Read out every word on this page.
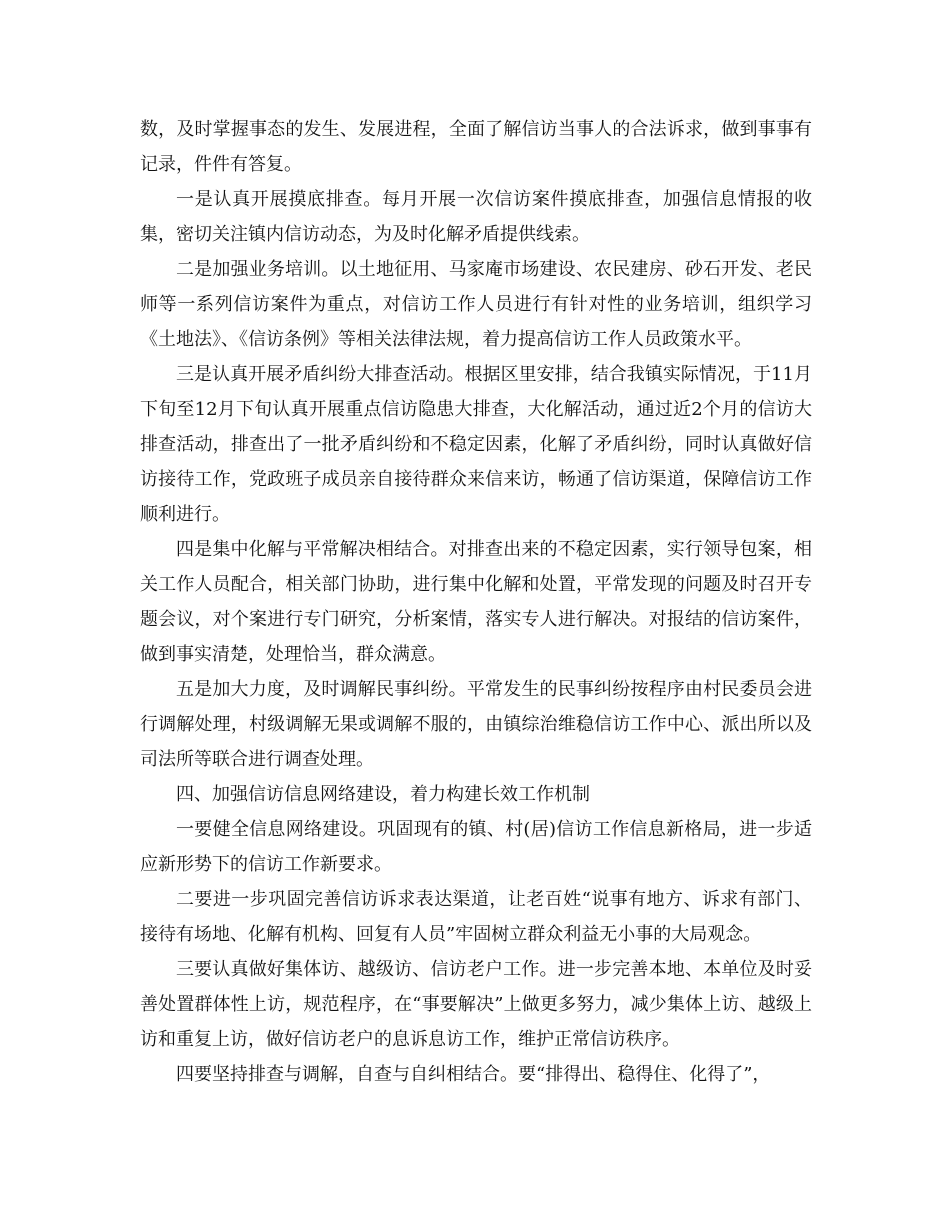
数，及时掌握事态的发生、发展进程，全面了解信访当事人的合法诉求，做到事事有记录，件件有答复。

一是认真开展摸底排查。每月开展一次信访案件摸底排查，加强信息情报的收集，密切关注镇内信访动态，为及时化解矛盾提供线索。

二是加强业务培训。以土地征用、马家庵市场建设、农民建房、砂石开发、老民师等一系列信访案件为重点，对信访工作人员进行有针对性的业务培训，组织学习《土地法》、《信访条例》等相关法律法规，着力提高信访工作人员政策水平。

三是认真开展矛盾纠纷大排查活动。根据区里安排，结合我镇实际情况，于11月下旬至12月下旬认真开展重点信访隐患大排查，大化解活动，通过近2个月的信访大排查活动，排查出了一批矛盾纠纷和不稳定因素，化解了矛盾纠纷，同时认真做好信访接待工作，党政班子成员亲自接待群众来信来访，畅通了信访渠道，保障信访工作顺利进行。

四是集中化解与平常解决相结合。对排查出来的不稳定因素，实行领导包案，相关工作人员配合，相关部门协助，进行集中化解和处置，平常发现的问题及时召开专题会议，对个案进行专门研究，分析案情，落实专人进行解决。对报结的信访案件，做到事实清楚，处理恰当，群众满意。

五是加大力度，及时调解民事纠纷。平常发生的民事纠纷按程序由村民委员会进行调解处理，村级调解无果或调解不服的，由镇综治维稳信访工作中心、派出所以及司法所等联合进行调查处理。

四、加强信访信息网络建设，着力构建长效工作机制

一要健全信息网络建设。巩固现有的镇、村(居)信访工作信息新格局，进一步适应新形势下的信访工作新要求。

二要进一步巩固完善信访诉求表达渠道，让老百姓“说事有地方、诉求有部门、接待有场地、化解有机构、回复有人员”牢固树立群众利益无小事的大局观念。

三要认真做好集体访、越级访、信访老户工作。进一步完善本地、本单位及时妥善处置群体性上访，规范程序，在“事要解决”上做更多努力，减少集体上访、越级上访和重复上访，做好信访老户的息诉息访工作，维护正常信访秩序。

四要坚持排查与调解，自查与自纠相结合。要“排得出、稳得住、化得了”，
